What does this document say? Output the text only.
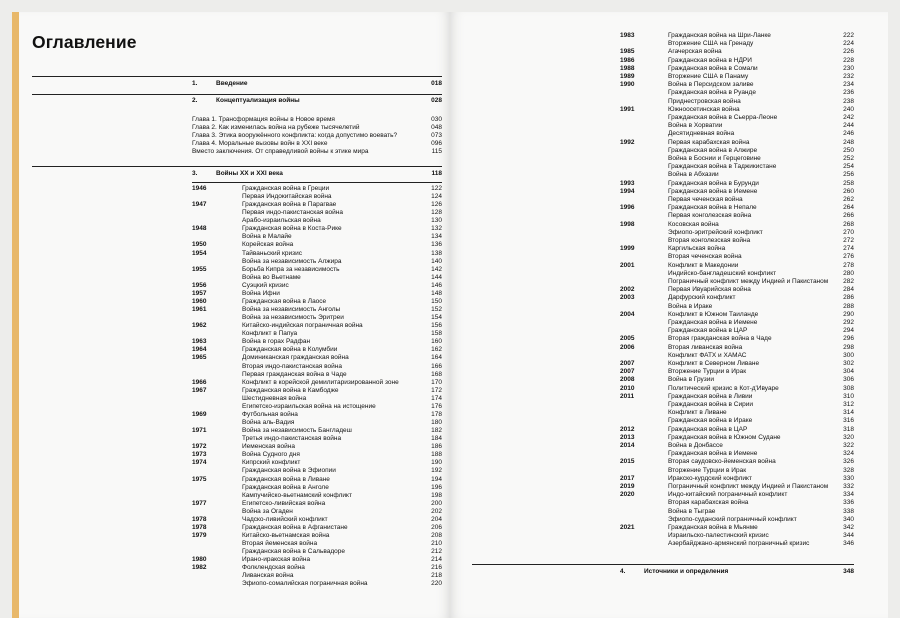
Оглавление
1.	Введение	018
2.	Концептуализация войны	028
Глава 1. Трансформация войны в Новое время	030
Глава 2. Как изменилась война на рубеже тысячелетий	048
Глава 3. Этика вооружённого конфликта: когда допустимо воевать?	073
Глава 4. Моральные вызовы войн в XXI веке	096
Вместо заключения. От справедливой войны к этике мира	115
3.	Войны XX и XXI века	118
1946	Гражданская война в Греции	122
Первая Индокитайская война	124
1947	Гражданская война в Парагвае	126
Первая индо-пакистанская война	128
Арабо-израильская война	130
1948	Гражданская война в Коста-Рике	132
Война в Малайе	134
1950	Корейская война	136
1954	Тайваньский кризис	138
Война за независимость Алжира	140
1955	Борьба Кипра за независимость	142
Война во Вьетнаме	144
1956	Суэцкий кризис	146
1957	Война Ифни	148
1960	Гражданская война в Лаосе	150
1961	Война за независимость Анголы	152
Война за независимость Эритреи	154
1962	Китайско-индийская пограничная война	156
Конфликт в Папуа	158
1963	Война в горах Радфан	160
1964	Гражданская война в Колумбии	162
1965	Доминиканская гражданская война	164
Вторая индо-пакистанская война	166
Первая гражданская война в Чаде	168
1966	Конфликт в корейской демилитаризированной зоне	170
1967	Гражданская война в Камбодже	172
Шестидневная война	174
Египетско-израильская война на истощение	176
1969	Футбольная война	178
Война аль-Вадия	180
1971	Война за независимость Бангладеш	182
Третья индо-пакистанская война	184
1972	Йеменская война	186
1973	Война Судного дня	188
1974	Кипрский конфликт	190
Гражданская война в Эфиопии	192
1975	Гражданская война в Ливане	194
Гражданская война в Анголе	196
Кампучийско-вьетнамский конфликт	198
1977	Египетско-ливийская война	200
Война за Огаден	202
1978	Чадско-ливийский конфликт	204
1978	Гражданская война в Афганистане	206
1979	Китайско-вьетнамская война	208
Вторая йеменская война	210
Гражданская война в Сальвадоре	212
1980	Ирано-иракская война	214
1982	Фолклендская война	216
Ливанская война	218
Эфиопо-сомалийская пограничная война	220
1983	Гражданская война на Шри-Ланке	222
Вторжение США на Гренаду	224
1985	Агачерская война	226
1986	Гражданская война в НДРЙ	228
1988	Гражданская война в Сомали	230
1989	Вторжение США в Панаму	232
1990	Война в Персидском заливе	234
Гражданская война в Руанде	236
Приднестровская война	238
1991	Южноосетинская война	240
Гражданская война в Сьерра-Леоне	242
Война в Хорватии	244
Десятидневная война	246
1992	Первая карабахская война	248
Гражданская война в Алжире	250
Война в Боснии и Герцеговине	252
Гражданская война в Таджикистане	254
Война в Абхазии	256
1993	Гражданская война в Бурунди	258
1994	Гражданская война в Йемене	260
Первая чеченская война	262
1996	Гражданская война в Непале	264
Первая конголезская война	266
1998	Косовская война	268
Эфиопо-эритрейский конфликт	270
Вторая конголезская война	272
1999	Каргильская война	274
Вторая чеченская война	276
2001	Конфликт в Македонии	278
Индийско-бангладешский конфликт	280
Пограничный конфликт между Индией и Пакистаном	282
2002	Первая Ивуарийская война	284
2003	Дарфурский конфликт	286
Война в Ираке	288
2004	Конфликт в Южном Таиланде	290
Гражданская война в Йемене	292
Гражданская война в ЦАР	294
2005	Вторая гражданская война в Чаде	296
2006	Вторая ливанская война	298
Конфликт ФАТХ и ХАМАС	300
2007	Конфликт в Северном Ливане	302
2007	Вторжение Турции в Ирак	304
2008	Война в Грузии	306
2010	Политический кризис в Кот-д'Ивуаре	308
2011	Гражданская война в Ливии	310
Гражданская война в Сирии	312
Конфликт в Ливане	314
Гражданская война в Ираке	316
2012	Гражданская война в ЦАР	318
2013	Гражданская война в Южном Судане	320
2014	Война в Донбассе	322
Гражданская война в Йемене	324
2015	Вторая саудовско-йеменская война	326
Вторжение Турции в Ирак	328
2017	Иракско-курдский конфликт	330
2019	Пограничный конфликт между Индией и Пакистаном	332
2020	Индо-китайский пограничный конфликт	334
Вторая карабахская война	336
Война в Тыграе	338
Эфиопо-суданский пограничный конфликт	340
2021	Гражданская война в Мьянме	342
Израильско-палестинский кризис	344
Азербайджано-армянский пограничный кризис	346
4.	Источники и определения	348
